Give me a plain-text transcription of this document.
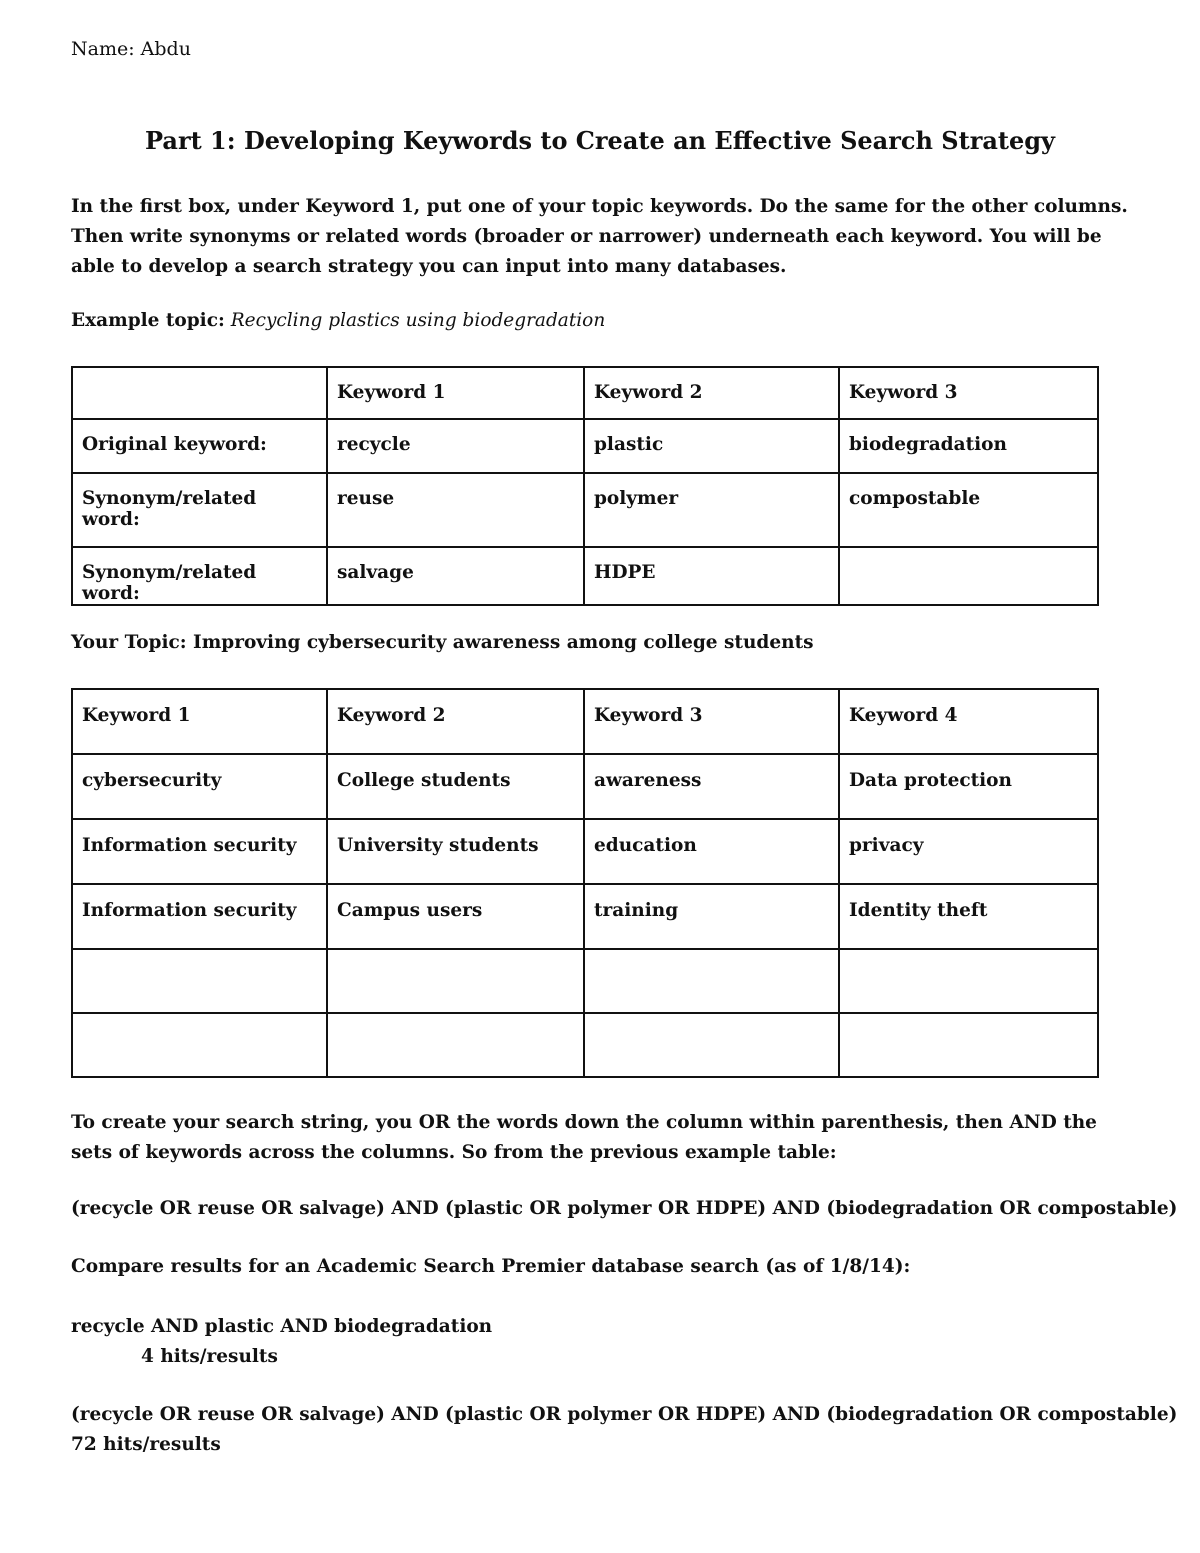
Name: Abdu
Part 1: Developing Keywords to Create an Effective Search Strategy
In the first box, under Keyword 1, put one of your topic keywords. Do the same for the other columns. Then write synonyms or related words (broader or narrower) underneath each keyword. You will be able to develop a search strategy you can input into many databases.
Example topic: Recycling plastics using biodegradation
	Keyword 1	Keyword 2	Keyword 3
Original keyword:	recycle	plastic	biodegradation
Synonym/related word:	reuse	polymer	compostable
Synonym/related word:	salvage	HDPE	
Your Topic: Improving cybersecurity awareness among college students
Keyword 1	Keyword 2	Keyword 3	Keyword 4
cybersecurity	College students	awareness	Data protection
Information security	University students	education	privacy
Information security	Campus users	training	Identity theft

To create your search string, you OR the words down the column within parenthesis, then AND the sets of keywords across the columns. So from the previous example table:
(recycle OR reuse OR salvage) AND (plastic OR polymer OR HDPE) AND (biodegradation OR compostable)
Compare results for an Academic Search Premier database search (as of 1/8/14):
recycle AND plastic AND biodegradation
4 hits/results
(recycle OR reuse OR salvage) AND (plastic OR polymer OR HDPE) AND (biodegradation OR compostable)
72 hits/results
